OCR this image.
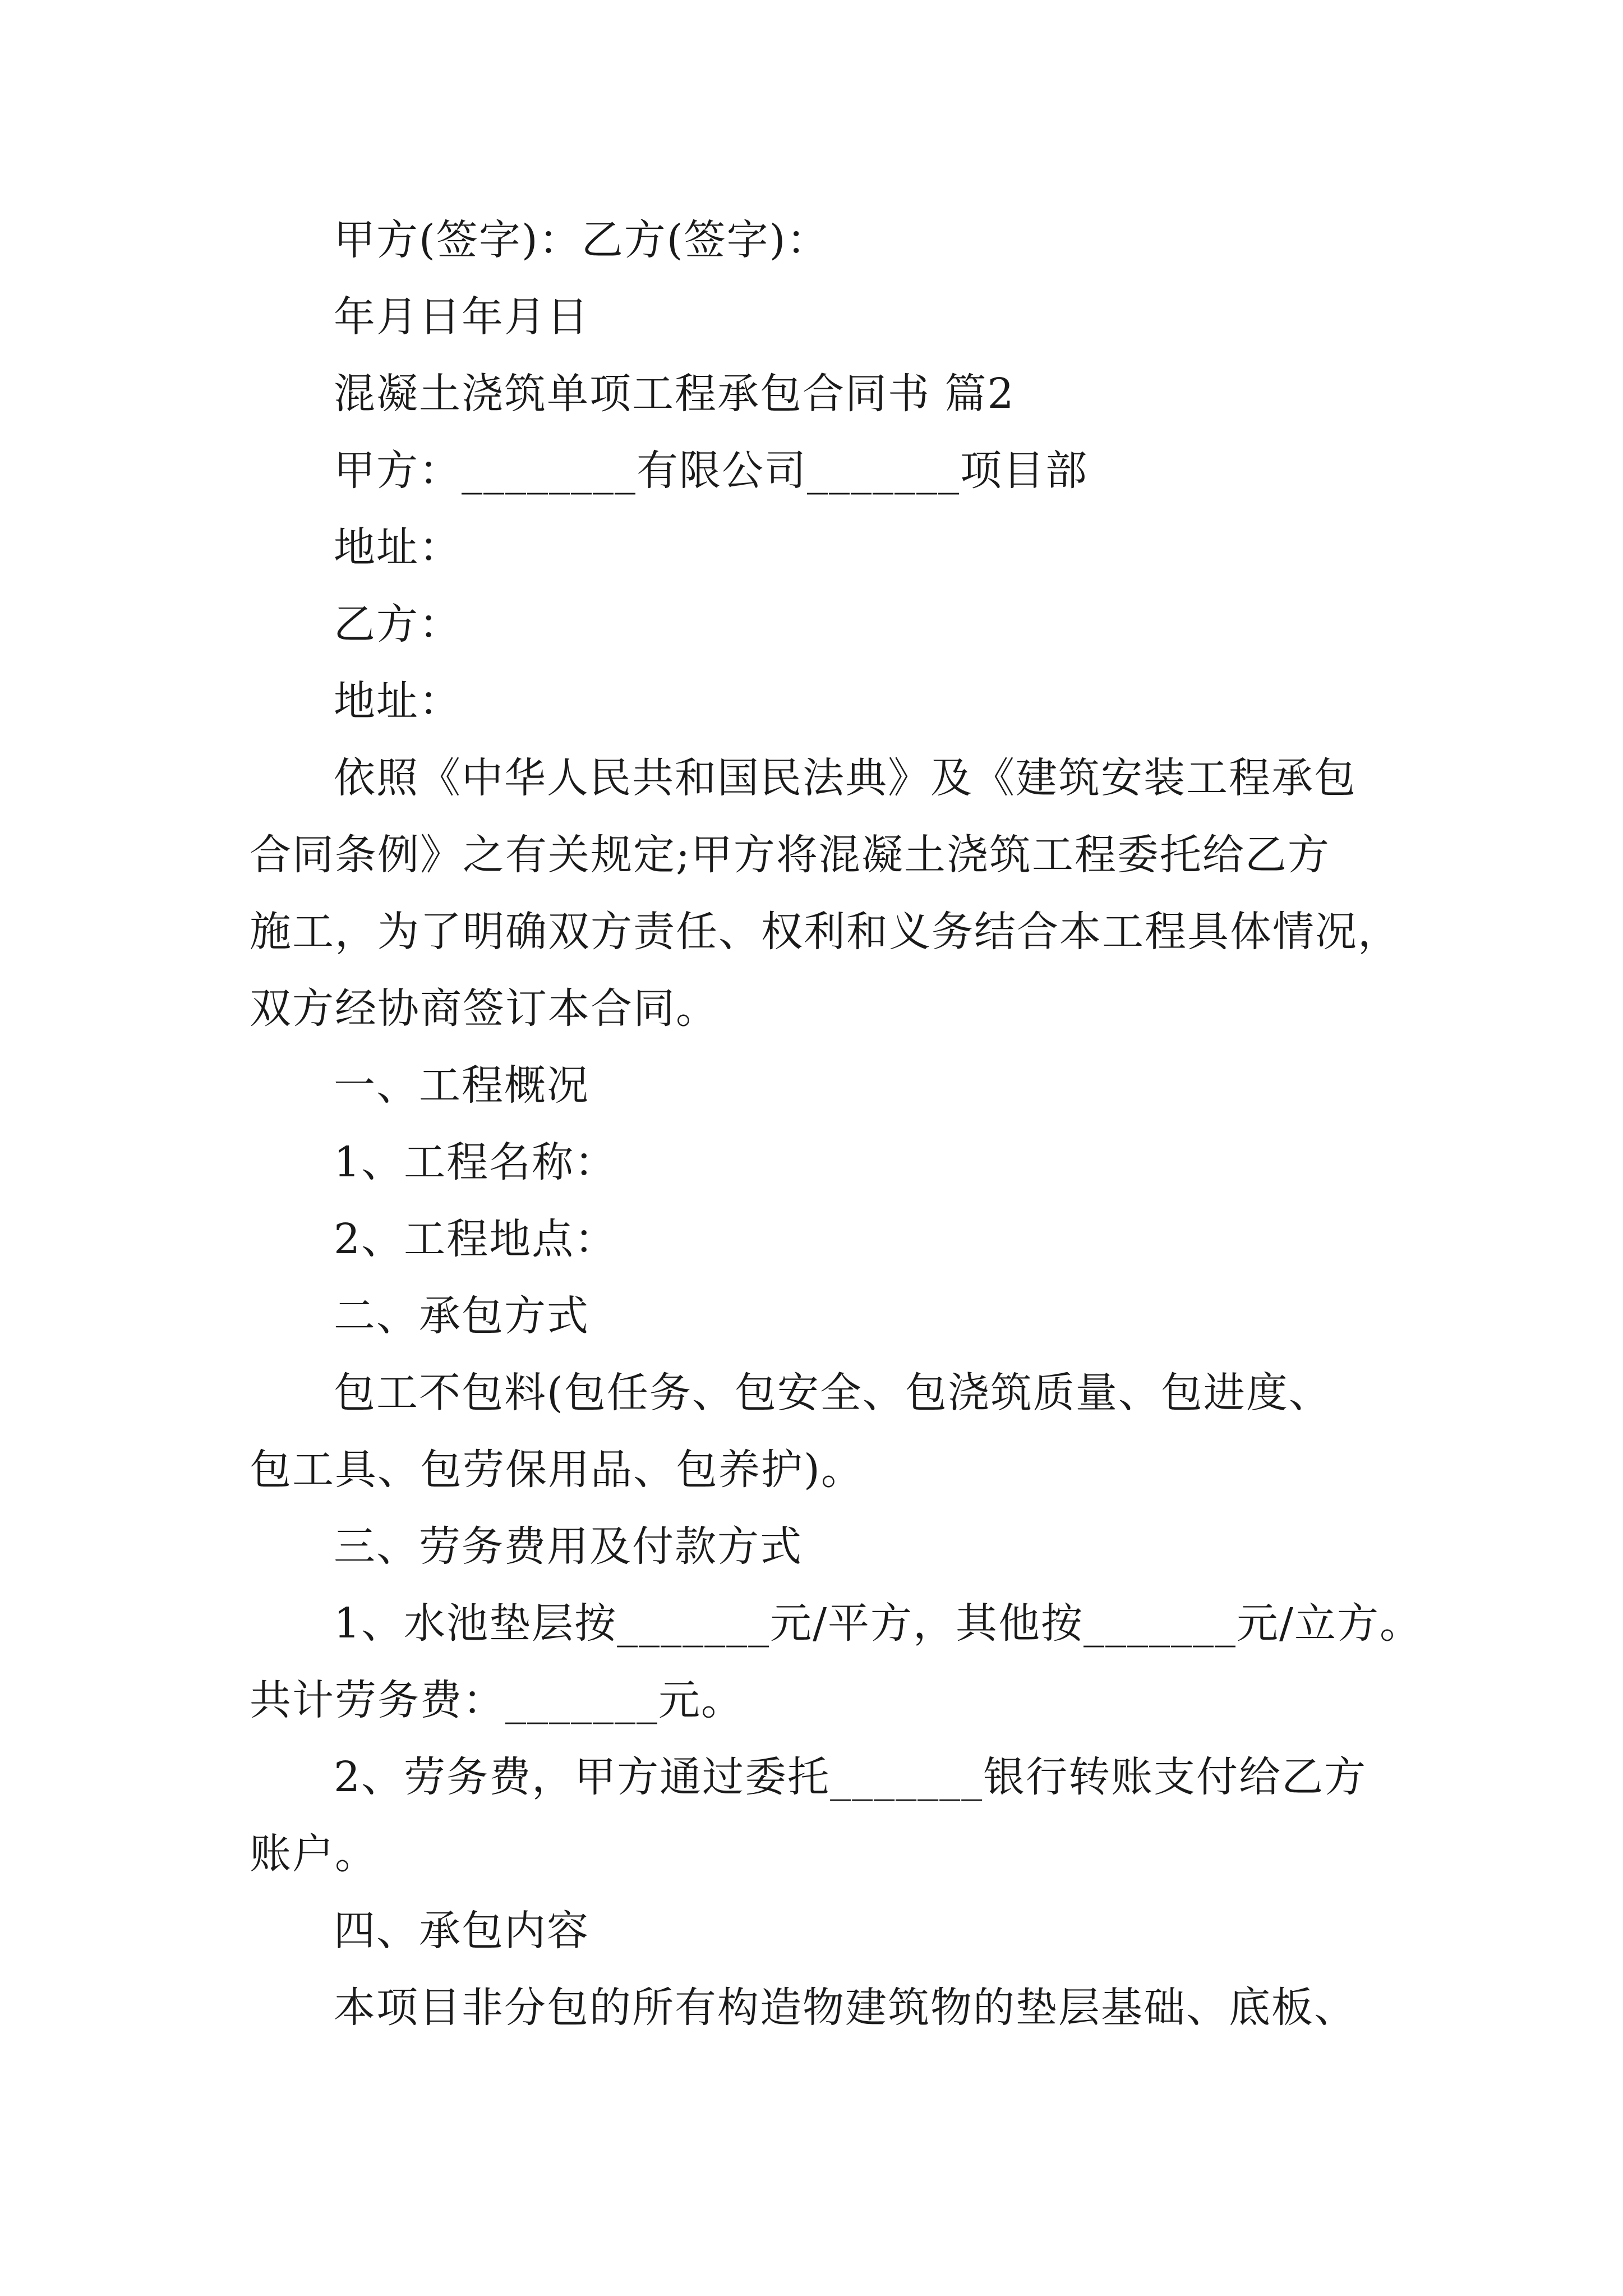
甲方(签字)：乙方(签字)：
年月日年月日
混凝土浇筑单项工程承包合同书 篇2
甲方：________有限公司_______项目部
地址：
乙方：
地址：
依照《中华人民共和国民法典》及《建筑安装工程承包
合同条例》之有关规定;甲方将混凝土浇筑工程委托给乙方
施工，为了明确双方责任、权利和义务结合本工程具体情况，
双方经协商签订本合同。
一、工程概况
1、工程名称：
2、工程地点：
二、承包方式
包工不包料(包任务、包安全、包浇筑质量、包进度、
包工具、包劳保用品、包养护)。
三、劳务费用及付款方式
1、水池垫层按_______元/平方，其他按_______元/立方。
共计劳务费：_______元。
2、劳务费，甲方通过委托_______银行转账支付给乙方
账户。
四、承包内容
本项目非分包的所有构造物建筑物的垫层基础、底板、
